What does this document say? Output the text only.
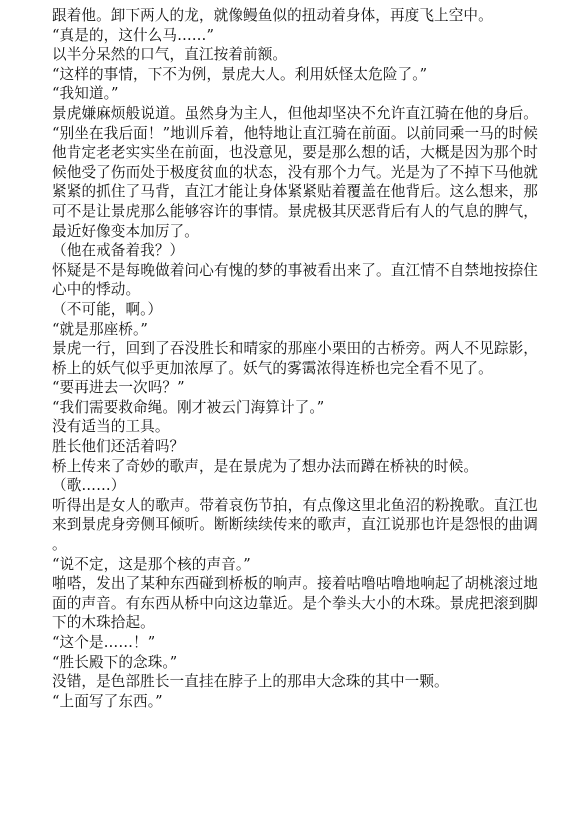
跟着他。卸下两人的龙，就像鳗鱼似的扭动着身体，再度飞上空中。

“真是的，这什么马……”

以半分呆然的口气，直江按着前额。

“这样的事情，下不为例，景虎大人。利用妖怪太危险了。”

“我知道。”

景虎嫌麻烦般说道。虽然身为主人，但他却坚决不允许直江骑在他的身后。“别坐在我后面！”地训斥着，他特地让直江骑在前面。以前同乘一马的时候他肯定老老实实坐在前面，也没意见，要是那么想的话，大概是因为那个时候他受了伤而处于极度贫血的状态，没有那个力气。光是为了不掉下马他就紧紧的抓住了马背，直江才能让身体紧紧贴着覆盖在他背后。这么想来，那可不是让景虎那么能够容许的事情。景虎极其厌恶背后有人的气息的脾气，最近好像变本加厉了。

（他在戒备着我？）

怀疑是不是每晚做着问心有愧的梦的事被看出来了。直江情不自禁地按捺住心中的悸动。

（不可能，啊。）

“就是那座桥。”

景虎一行，回到了吞没胜长和晴家的那座小栗田的古桥旁。两人不见踪影，桥上的妖气似乎更加浓厚了。妖气的雾霭浓得连桥也完全看不见了。

“要再进去一次吗？”

“我们需要救命绳。刚才被云门海算计了。”

没有适当的工具。

胜长他们还活着吗？

桥上传来了奇妙的歌声，是在景虎为了想办法而蹲在桥袂的时候。

（歌……）

听得出是女人的歌声。带着哀伤节拍，有点像这里北鱼沼的粉挽歌。直江也来到景虎身旁侧耳倾听。断断续续传来的歌声，直江说那也许是怨恨的曲调。

“说不定，这是那个核的声音。”

啪嗒，发出了某种东西碰到桥板的响声。接着咕噜咕噜地响起了胡桃滚过地面的声音。有东西从桥中向这边靠近。是个拳头大小的木珠。景虎把滚到脚下的木珠拾起。

“这个是……！”

“胜长殿下的念珠。”

没错，是色部胜长一直挂在脖子上的那串大念珠的其中一颗。

“上面写了东西。”
